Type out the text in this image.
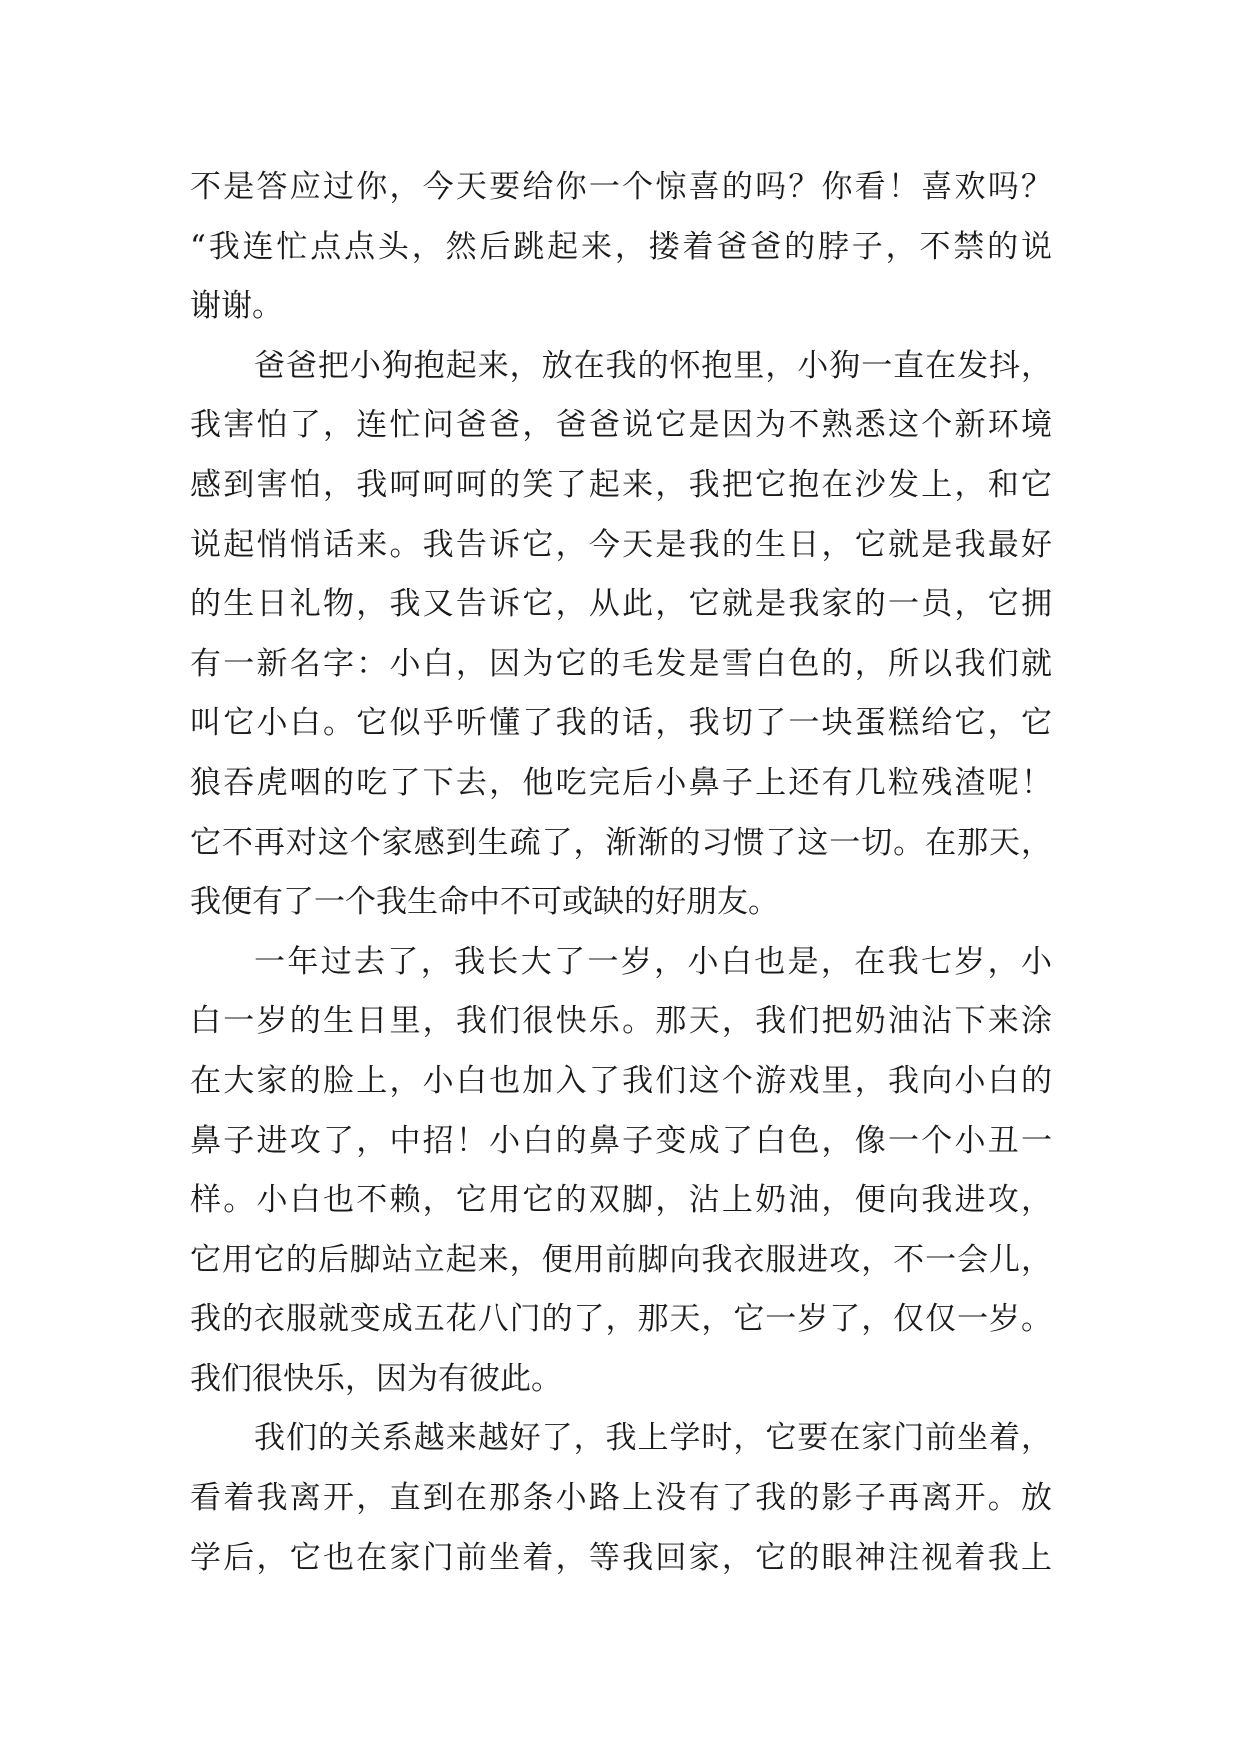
不是答应过你，今天要给你一个惊喜的吗？你看！喜欢吗？
“我连忙点点头，然后跳起来，搂着爸爸的脖子，不禁的说
谢谢。
爸爸把小狗抱起来，放在我的怀抱里，小狗一直在发抖，
我害怕了，连忙问爸爸，爸爸说它是因为不熟悉这个新环境
感到害怕，我呵呵呵的笑了起来，我把它抱在沙发上，和它
说起悄悄话来。我告诉它，今天是我的生日，它就是我最好
的生日礼物，我又告诉它，从此，它就是我家的一员，它拥
有一新名字：小白，因为它的毛发是雪白色的，所以我们就
叫它小白。它似乎听懂了我的话，我切了一块蛋糕给它，它
狼吞虎咽的吃了下去，他吃完后小鼻子上还有几粒残渣呢！
它不再对这个家感到生疏了，渐渐的习惯了这一切。在那天，
我便有了一个我生命中不可或缺的好朋友。
一年过去了，我长大了一岁，小白也是，在我七岁，小
白一岁的生日里，我们很快乐。那天，我们把奶油沾下来涂
在大家的脸上，小白也加入了我们这个游戏里，我向小白的
鼻子进攻了，中招！小白的鼻子变成了白色，像一个小丑一
样。小白也不赖，它用它的双脚，沾上奶油，便向我进攻，
它用它的后脚站立起来，便用前脚向我衣服进攻，不一会儿，
我的衣服就变成五花八门的了，那天，它一岁了，仅仅一岁。
我们很快乐，因为有彼此。
我们的关系越来越好了，我上学时，它要在家门前坐着，
看着我离开，直到在那条小路上没有了我的影子再离开。放
学后，它也在家门前坐着，等我回家，它的眼神注视着我上
